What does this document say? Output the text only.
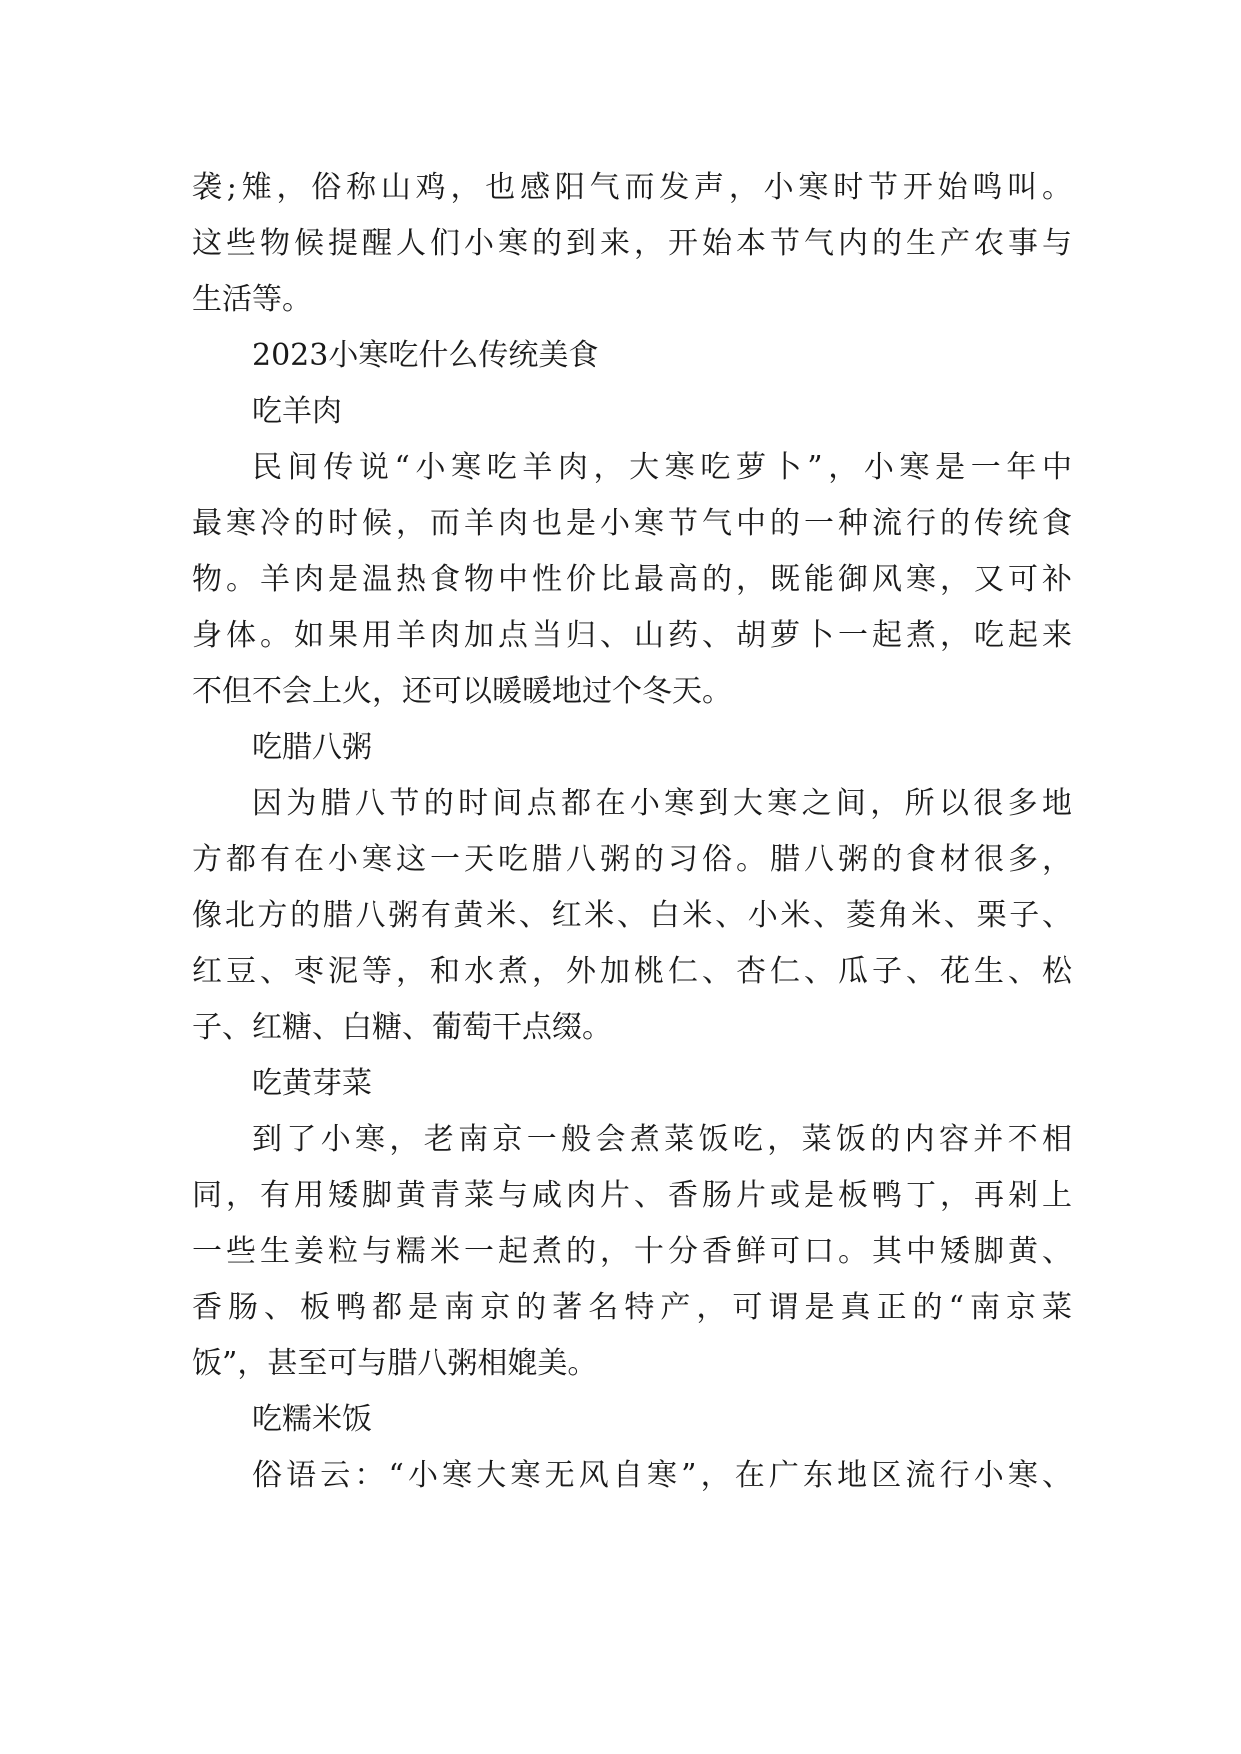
袭;雉，俗称山鸡，也感阳气而发声，小寒时节开始鸣叫。
这些物候提醒人们小寒的到来，开始本节气内的生产农事与
生活等。
2023小寒吃什么传统美食
吃羊肉
民间传说“小寒吃羊肉，大寒吃萝卜”，小寒是一年中
最寒冷的时候，而羊肉也是小寒节气中的一种流行的传统食
物。羊肉是温热食物中性价比最高的，既能御风寒，又可补
身体。如果用羊肉加点当归、山药、胡萝卜一起煮，吃起来
不但不会上火，还可以暖暖地过个冬天。
吃腊八粥
因为腊八节的时间点都在小寒到大寒之间，所以很多地
方都有在小寒这一天吃腊八粥的习俗。腊八粥的食材很多，
像北方的腊八粥有黄米、红米、白米、小米、菱角米、栗子、
红豆、枣泥等，和水煮，外加桃仁、杏仁、瓜子、花生、松
子、红糖、白糖、葡萄干点缀。
吃黄芽菜
到了小寒，老南京一般会煮菜饭吃，菜饭的内容并不相
同，有用矮脚黄青菜与咸肉片、香肠片或是板鸭丁，再剁上
一些生姜粒与糯米一起煮的，十分香鲜可口。其中矮脚黄、
香肠、板鸭都是南京的著名特产，可谓是真正的“南京菜
饭”，甚至可与腊八粥相媲美。
吃糯米饭
俗语云：“小寒大寒无风自寒”，在广东地区流行小寒、
